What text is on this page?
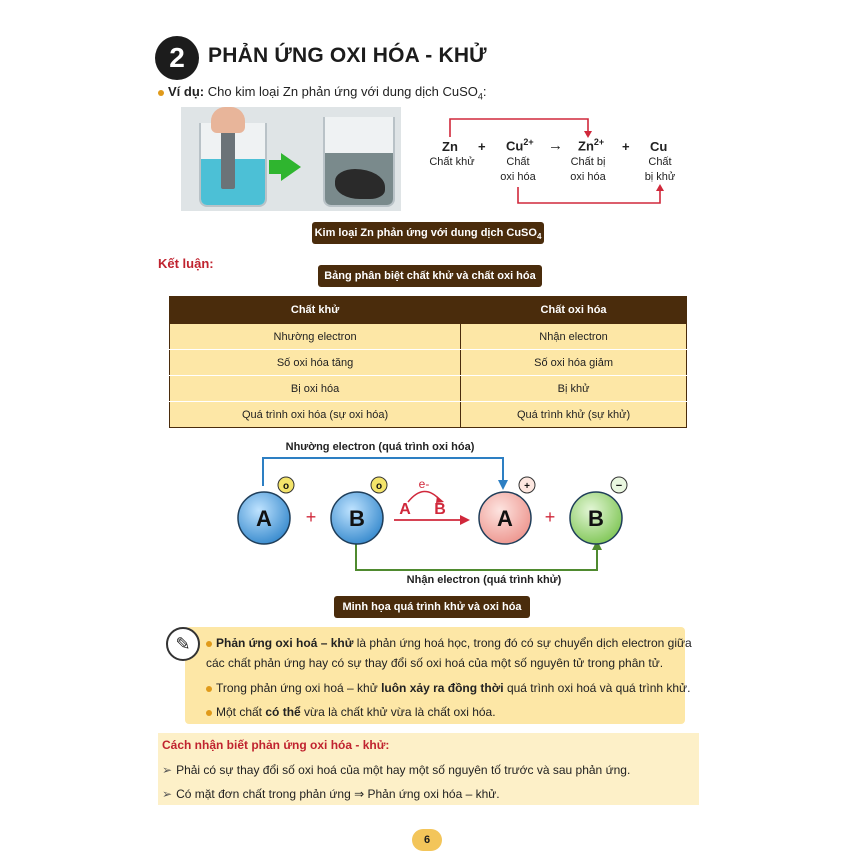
2	PHẢN ỨNG OXI HÓA - KHỬ
Ví dụ: Cho kim loại Zn phản ứng với dung dịch CuSO$_4$:
$Zn + Cu^{2+} \to Zn^{2+} + Cu$
Chất khử	Chất
oxi hóa
Chất bị
oxi hóa
Chất
bị khử
Kim loại Zn phản ứng với dung dịch CuSO$_4$
Kết luận:
Bảng phân biệt chất khử và chất oxi hóa
Chất khử	Chất oxi hóa
Nhường electron	Nhận electron
Số oxi hóa tăng	Số oxi hóa giảm
Bị oxi hóa	Bị khử
Quá trình oxi hóa (sự oxi hóa)	Quá trình khử (sự khử)
Nhường electron (quá trình oxi hóa)
Nhận electron (quá trình khử)
A
o
+ B
o	e-
A B A
+
+ B
−
Minh họa quá trình khử và oxi hóa
✎	Phản ứng oxi hoá – khử là phản ứng hoá học, trong đó có sự chuyển dịch electron giữa
các chất phản ứng hay có sự thay đổi số oxi hoá của một số nguyên tử trong phân tử.
Trong phản ứng oxi hoá – khử luôn xảy ra đồng thời quá trình oxi hoá và quá trình khử.
Một chất có thể vừa là chất khử vừa là chất oxi hóa.
Cách nhận biết phản ứng oxi hóa - khử:
➢ Phải có sự thay đổi số oxi hoá của một hay một số nguyên tố trước và sau phản ứng.
➢ Có mặt đơn chất trong phản ứng ⇒ Phản ứng oxi hóa – khử.
6
